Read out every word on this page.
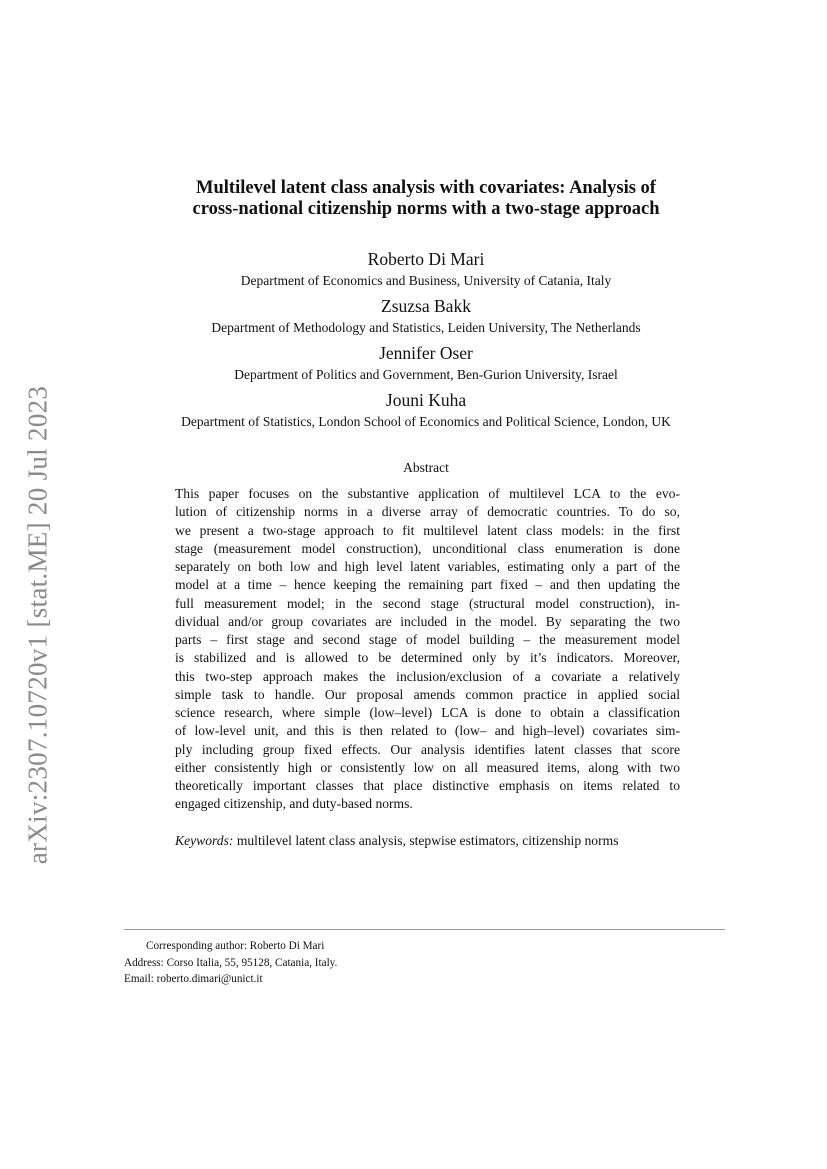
arXiv:2307.10720v1 [stat.ME] 20 Jul 2023
Multilevel latent class analysis with covariates: Analysis of
cross-national citizenship norms with a two-stage approach
Roberto Di Mari
Department of Economics and Business, University of Catania, Italy
Zsuzsa Bakk
Department of Methodology and Statistics, Leiden University, The Netherlands
Jennifer Oser
Department of Politics and Government, Ben-Gurion University, Israel
Jouni Kuha
Department of Statistics, London School of Economics and Political Science, London, UK
Abstract
This paper focuses on the substantive application of multilevel LCA to the evo-
lution of citizenship norms in a diverse array of democratic countries. To do so,
we present a two-stage approach to fit multilevel latent class models: in the first
stage (measurement model construction), unconditional class enumeration is done
separately on both low and high level latent variables, estimating only a part of the
model at a time – hence keeping the remaining part fixed – and then updating the
full measurement model; in the second stage (structural model construction), in-
dividual and/or group covariates are included in the model. By separating the two
parts – first stage and second stage of model building – the measurement model
is stabilized and is allowed to be determined only by it’s indicators. Moreover,
this two-step approach makes the inclusion/exclusion of a covariate a relatively
simple task to handle. Our proposal amends common practice in applied social
science research, where simple (low–level) LCA is done to obtain a classification
of low-level unit, and this is then related to (low– and high–level) covariates sim-
ply including group fixed effects. Our analysis identifies latent classes that score
either consistently high or consistently low on all measured items, along with two
theoretically important classes that place distinctive emphasis on items related to
engaged citizenship, and duty-based norms.
Keywords: multilevel latent class analysis, stepwise estimators, citizenship norms
Corresponding author: Roberto Di Mari
Address: Corso Italia, 55, 95128, Catania, Italy.
Email: roberto.dimari@unict.it
